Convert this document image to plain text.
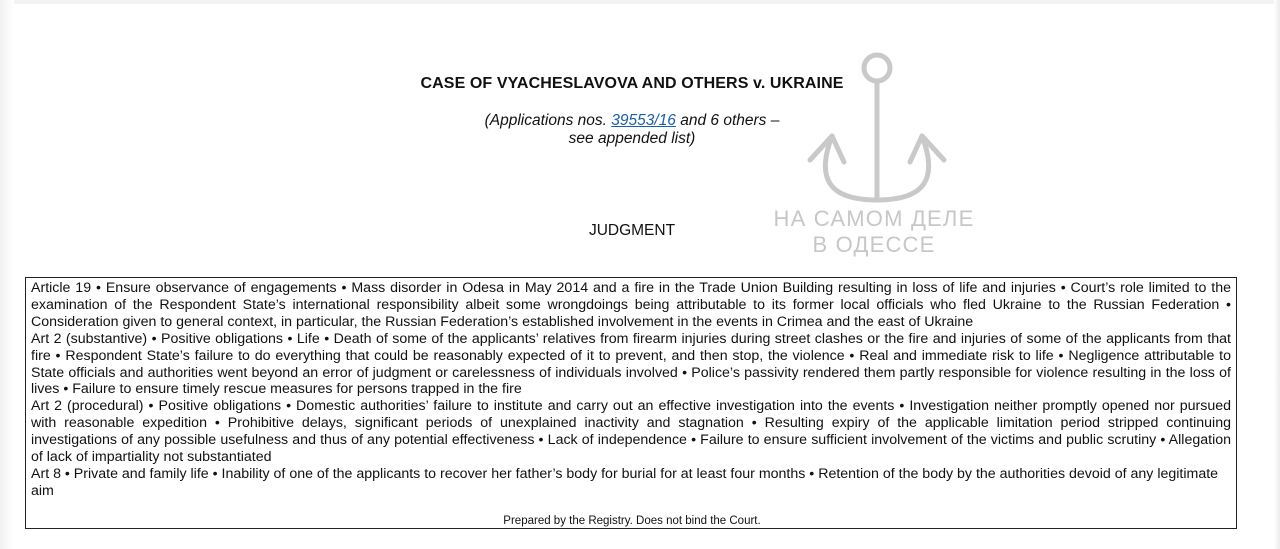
CASE OF VYACHESLAVOVA AND OTHERS v. UKRAINE
(Applications nos. 39553/16 and 6 others –
see appended list)
JUDGMENT	НА САМОМ ДЕЛЕ
В ОДЕССЕ

Article 19 • Ensure observance of engagements • Mass disorder in Odesa in May 2014 and a fire in the Trade Union Building resulting in loss of life and injuries • Court’s role limited to the examination of the Respondent State’s international responsibility albeit some wrongdoings being attributable to its former local officials who fled Ukraine to the Russian Federation • Consideration given to general context, in particular, the Russian Federation’s established involvement in the events in Crimea and the east of Ukraine

Art 2 (substantive) • Positive obligations • Life • Death of some of the applicants’ relatives from firearm injuries during street clashes or the fire and injuries of some of the applicants from that fire • Respondent State’s failure to do everything that could be reasonably expected of it to prevent, and then stop, the violence • Real and immediate risk to life • Negligence attributable to State officials and authorities went beyond an error of judgment or carelessness of individuals involved • Police’s passivity rendered them partly responsible for violence resulting in the loss of lives • Failure to ensure timely rescue measures for persons trapped in the fire

Art 2 (procedural) • Positive obligations • Domestic authorities’ failure to institute and carry out an effective investigation into the events • Investigation neither promptly opened nor pursued with reasonable expedition • Prohibitive delays, significant periods of unexplained inactivity and stagnation • Resulting expiry of the applicable limitation period stripped continuing investigations of any possible usefulness and thus of any potential effectiveness • Lack of independence • Failure to ensure sufficient involvement of the victims and public scrutiny • Allegation of lack of impartiality not substantiated

Art 8 • Private and family life • Inability of one of the applicants to recover her father’s body for burial for at least four months • Retention of the body by the authorities devoid of any legitimate aim

Prepared by the Registry. Does not bind the Court.
